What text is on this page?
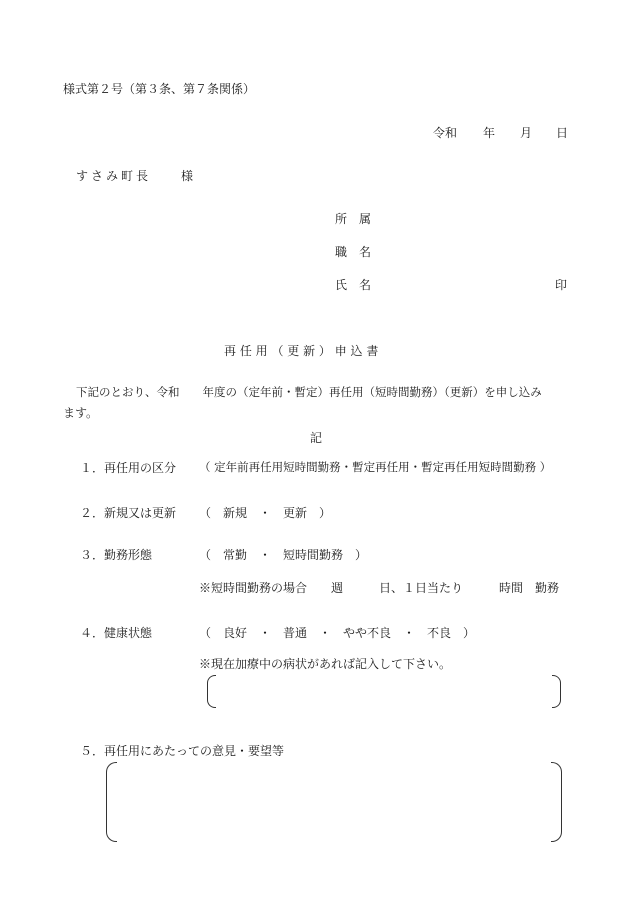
様式第２号（第３条、第７条関係）
令和 年 月 日
すさみ町長　　様
所　属
職　名
氏　名	印
再 任 用 （ 更 新 ） 申 込 書
下記のとおり、令和　　年度の（定年前・暫定）再任用（短時間勤務）（更新）を申し込み
ます。
記
１．再任用の区分 （ 定年前再任用短時間勤務・暫定再任用・暫定再任用短時間勤務 ）
２．新規又は更新 （　新規　・　更新　）
３．勤務形態	（　常勤　・　短時間勤務　）
※短時間勤務の場合　　週　　　日、１日当たり　　　時間　勤務
４．健康状態	（　良好　・　普通　・　やや不良　・　不良　）
※現在加療中の病状があれば記入して下さい。
５．再任用にあたっての意見・要望等
